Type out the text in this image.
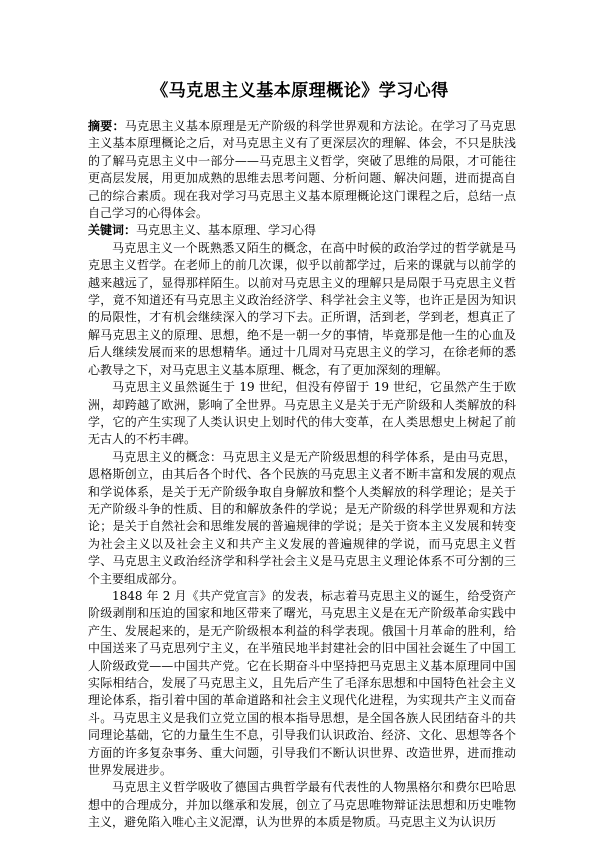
《马克思主义基本原理概论》学习心得

摘要：马克思主义基本原理是无产阶级的科学世界观和方法论。在学习了马克思主义基本原理概论之后，对马克思主义有了更深层次的理解、体会，不只是肤浅的了解马克思主义中一部分——马克思主义哲学，突破了思维的局限，才可能往更高层发展，用更加成熟的思维去思考问题、分析问题、解决问题，进而提高自己的综合素质。现在我对学习马克思主义基本原理概论这门课程之后，总结一点自己学习的心得体会。

关键词：马克思主义、基本原理、学习心得

马克思主义一个既熟悉又陌生的概念，在高中时候的政治学过的哲学就是马克思主义哲学。在老师上的前几次课，似乎以前都学过，后来的课就与以前学的越来越远了，显得那样陌生。以前对马克思主义的理解只是局限于马克思主义哲学，竟不知道还有马克思主义政治经济学、科学社会主义等，也许正是因为知识的局限性，才有机会继续深入的学习下去。正所谓，活到老，学到老，想真正了解马克思主义的原理、思想，绝不是一朝一夕的事情，毕竟那是他一生的心血及后人继续发展而来的思想精华。通过十几周对马克思主义的学习，在徐老师的悉心教导之下，对马克思主义基本原理、概念，有了更加深刻的理解。

马克思主义虽然诞生于 19 世纪，但没有停留于 19 世纪，它虽然产生于欧洲，却跨越了欧洲，影响了全世界。马克思主义是关于无产阶级和人类解放的科学，它的产生实现了人类认识史上划时代的伟大变革，在人类思想史上树起了前无古人的不朽丰碑。

马克思主义的概念：马克思主义是无产阶级思想的科学体系，是由马克思，恩格斯创立，由其后各个时代、各个民族的马克思主义者不断丰富和发展的观点和学说体系，是关于无产阶级争取自身解放和整个人类解放的科学理论；是关于无产阶级斗争的性质、目的和解放条件的学说；是无产阶级的科学世界观和方法论；是关于自然社会和思维发展的普遍规律的学说；是关于资本主义发展和转变为社会主义以及社会主义和共产主义发展的普遍规律的学说，而马克思主义哲学、马克思主义政治经济学和科学社会主义是马克思主义理论体系不可分割的三个主要组成部分。

1848 年 2 月《共产党宣言》的发表，标志着马克思主义的诞生，给受资产阶级剥削和压迫的国家和地区带来了曙光，马克思主义是在无产阶级革命实践中产生、发展起来的，是无产阶级根本利益的科学表现。俄国十月革命的胜利，给中国送来了马克思列宁主义，在半殖民地半封建社会的旧中国社会诞生了中国工人阶级政党——中国共产党。它在长期奋斗中坚持把马克思主义基本原理同中国实际相结合，发展了马克思主义，且先后产生了毛泽东思想和中国特色社会主义理论体系，指引着中国的革命道路和社会主义现代化进程，为实现共产主义而奋斗。马克思主义是我们立党立国的根本指导思想，是全国各族人民团结奋斗的共同理论基础，它的力量生生不息，引导我们认识政治、经济、文化、思想等各个方面的许多复杂事务、重大问题，引导我们不断认识世界、改造世界，进而推动世界发展进步。

马克思主义哲学吸收了德国古典哲学最有代表性的人物黑格尔和费尔巴哈思想中的合理成分，并加以继承和发展，创立了马克思唯物辩证法思想和历史唯物主义，避免陷入唯心主义泥潭，认为世界的本质是物质。马克思主义为认识历
